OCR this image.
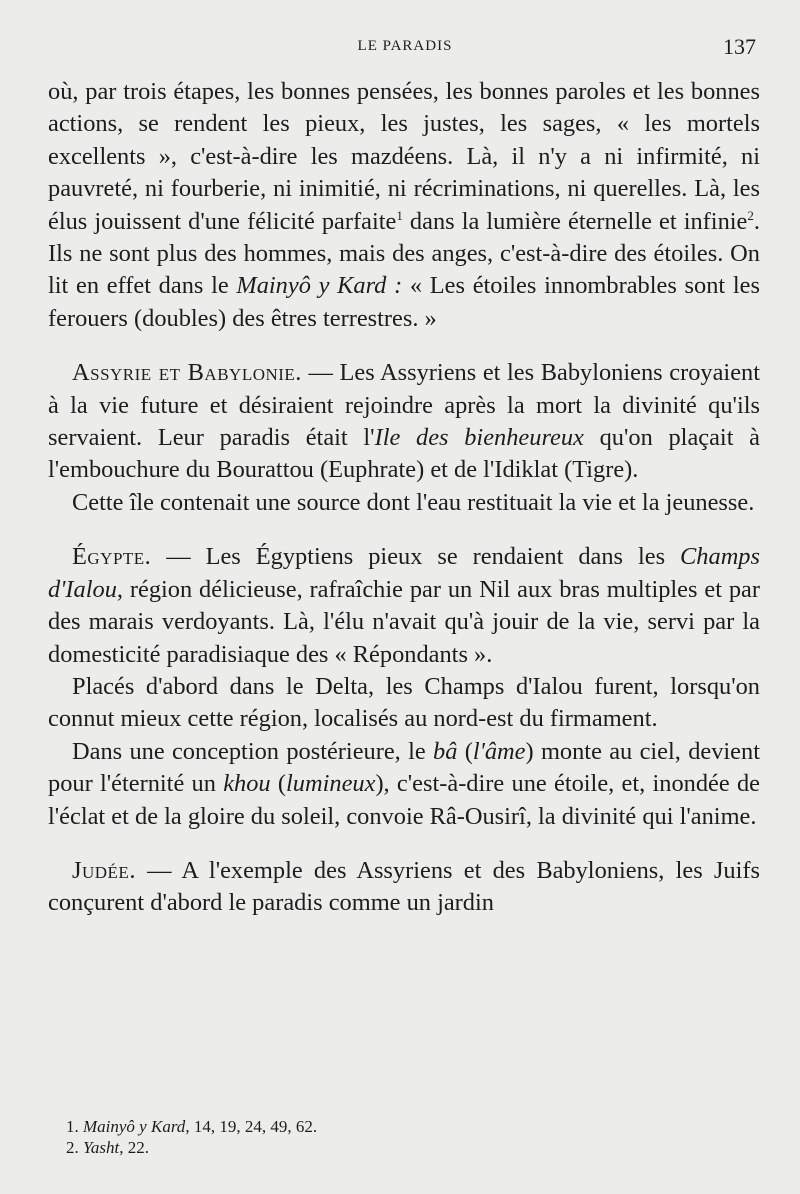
LE PARADIS	137

où, par trois étapes, les bonnes pensées, les bonnes paroles et les bonnes actions, se rendent les pieux, les justes, les sages, « les mortels excellents », c'est-à-dire les mazdéens. Là, il n'y a ni infirmité, ni pauvreté, ni fourberie, ni inimitié, ni récriminations, ni querelles. Là, les élus jouissent d'une félicité parfaite$^1$ dans la lumière éternelle et infinie$^2$. Ils ne sont plus des hommes, mais des anges, c'est-à-dire des étoiles. On lit en effet dans le Mainyô y Kard : « Les étoiles innombrables sont les ferouers (doubles) des êtres terrestres. »

Assyrie et Babylonie. — Les Assyriens et les Babyloniens croyaient à la vie future et désiraient rejoindre après la mort la divinité qu'ils servaient. Leur paradis était l'Ile des bienheureux qu'on plaçait à l'embouchure du Bourattou (Euphrate) et de l'Idiklat (Tigre).

Cette île contenait une source dont l'eau restituait la vie et la jeunesse.

Égypte. — Les Égyptiens pieux se rendaient dans les Champs d'Ialou, région délicieuse, rafraîchie par un Nil aux bras multiples et par des marais verdoyants. Là, l'élu n'avait qu'à jouir de la vie, servi par la domesticité paradisiaque des « Répondants ».

Placés d'abord dans le Delta, les Champs d'Ialou furent, lorsqu'on connut mieux cette région, localisés au nord-est du firmament.

Dans une conception postérieure, le bâ (l'âme) monte au ciel, devient pour l'éternité un khou (lumineux), c'est-à-dire une étoile, et, inondée de l'éclat et de la gloire du soleil, convoie Râ-Ousirî, la divinité qui l'anime.

Judée. — A l'exemple des Assyriens et des Babyloniens, les Juifs conçurent d'abord le paradis comme un jardin

1. Mainyô y Kard, 14, 19, 24, 49, 62.
2. Yasht, 22.
